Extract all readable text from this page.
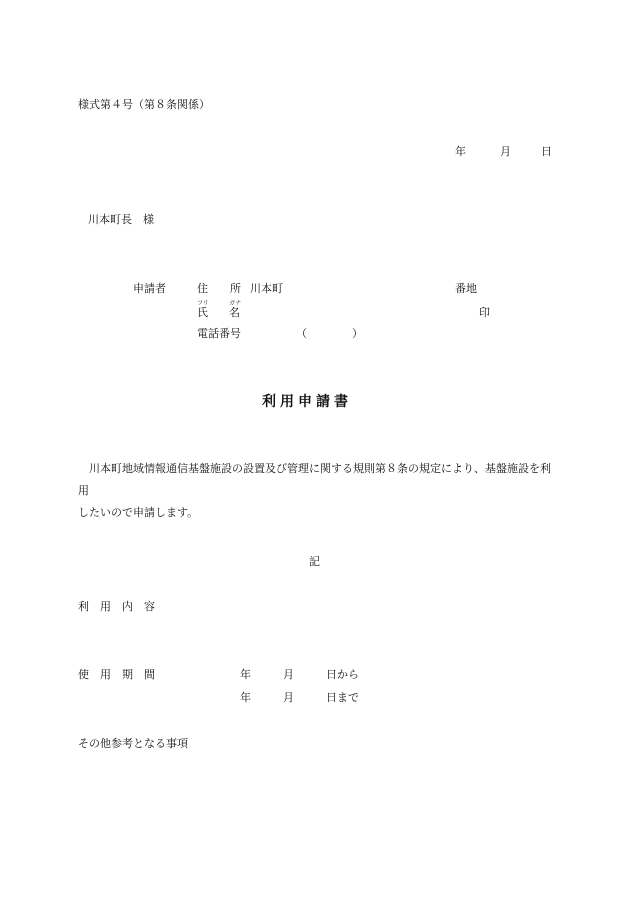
様式第４号（第８条関係）
年	月	日
川本町長　様
申請者	住　　所 川本町	番地
フリ	ガナ
氏 名	印
電話番号	（	）
利用申請書
川本町地域情報通信基盤施設の設置及び管理に関する規則第８条の規定により、基盤施設を利用
したいので申請します。
記
利　用　内　容
使　用　期　間	年	月	日から
年	月	日まで
その他参考となる事項
